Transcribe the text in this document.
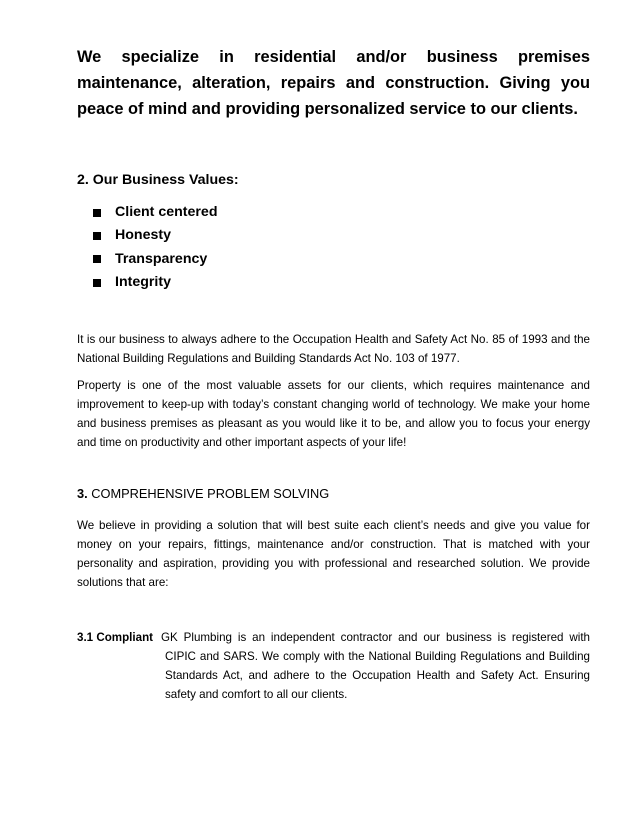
We specialize in residential and/or business premises maintenance, alteration, repairs and construction. Giving you peace of mind and providing personalized service to our clients.

2. Our Business Values:

Client centered
Honesty
Transparency
Integrity

It is our business to always adhere to the Occupation Health and Safety Act No. 85 of 1993 and the National Building Regulations and Building Standards Act No. 103 of 1977.

Property is one of the most valuable assets for our clients, which requires maintenance and improvement to keep-up with today’s constant changing world of technology. We make your home and business premises as pleasant as you would like it to be, and allow you to focus your energy and time on productivity and other important aspects of your life!

3. COMPREHENSIVE PROBLEM SOLVING

We believe in providing a solution that will best suite each client’s needs and give you value for money on your repairs, fittings, maintenance and/or construction. That is matched with your personality and aspiration, providing you with professional and researched solution. We provide solutions that are:

3.1 Compliant GK Plumbing is an independent contractor and our business is registered with CIPIC and SARS. We comply with the National Building Regulations and Building Standards Act, and adhere to the Occupation Health and Safety Act. Ensuring safety and comfort to all our clients.
